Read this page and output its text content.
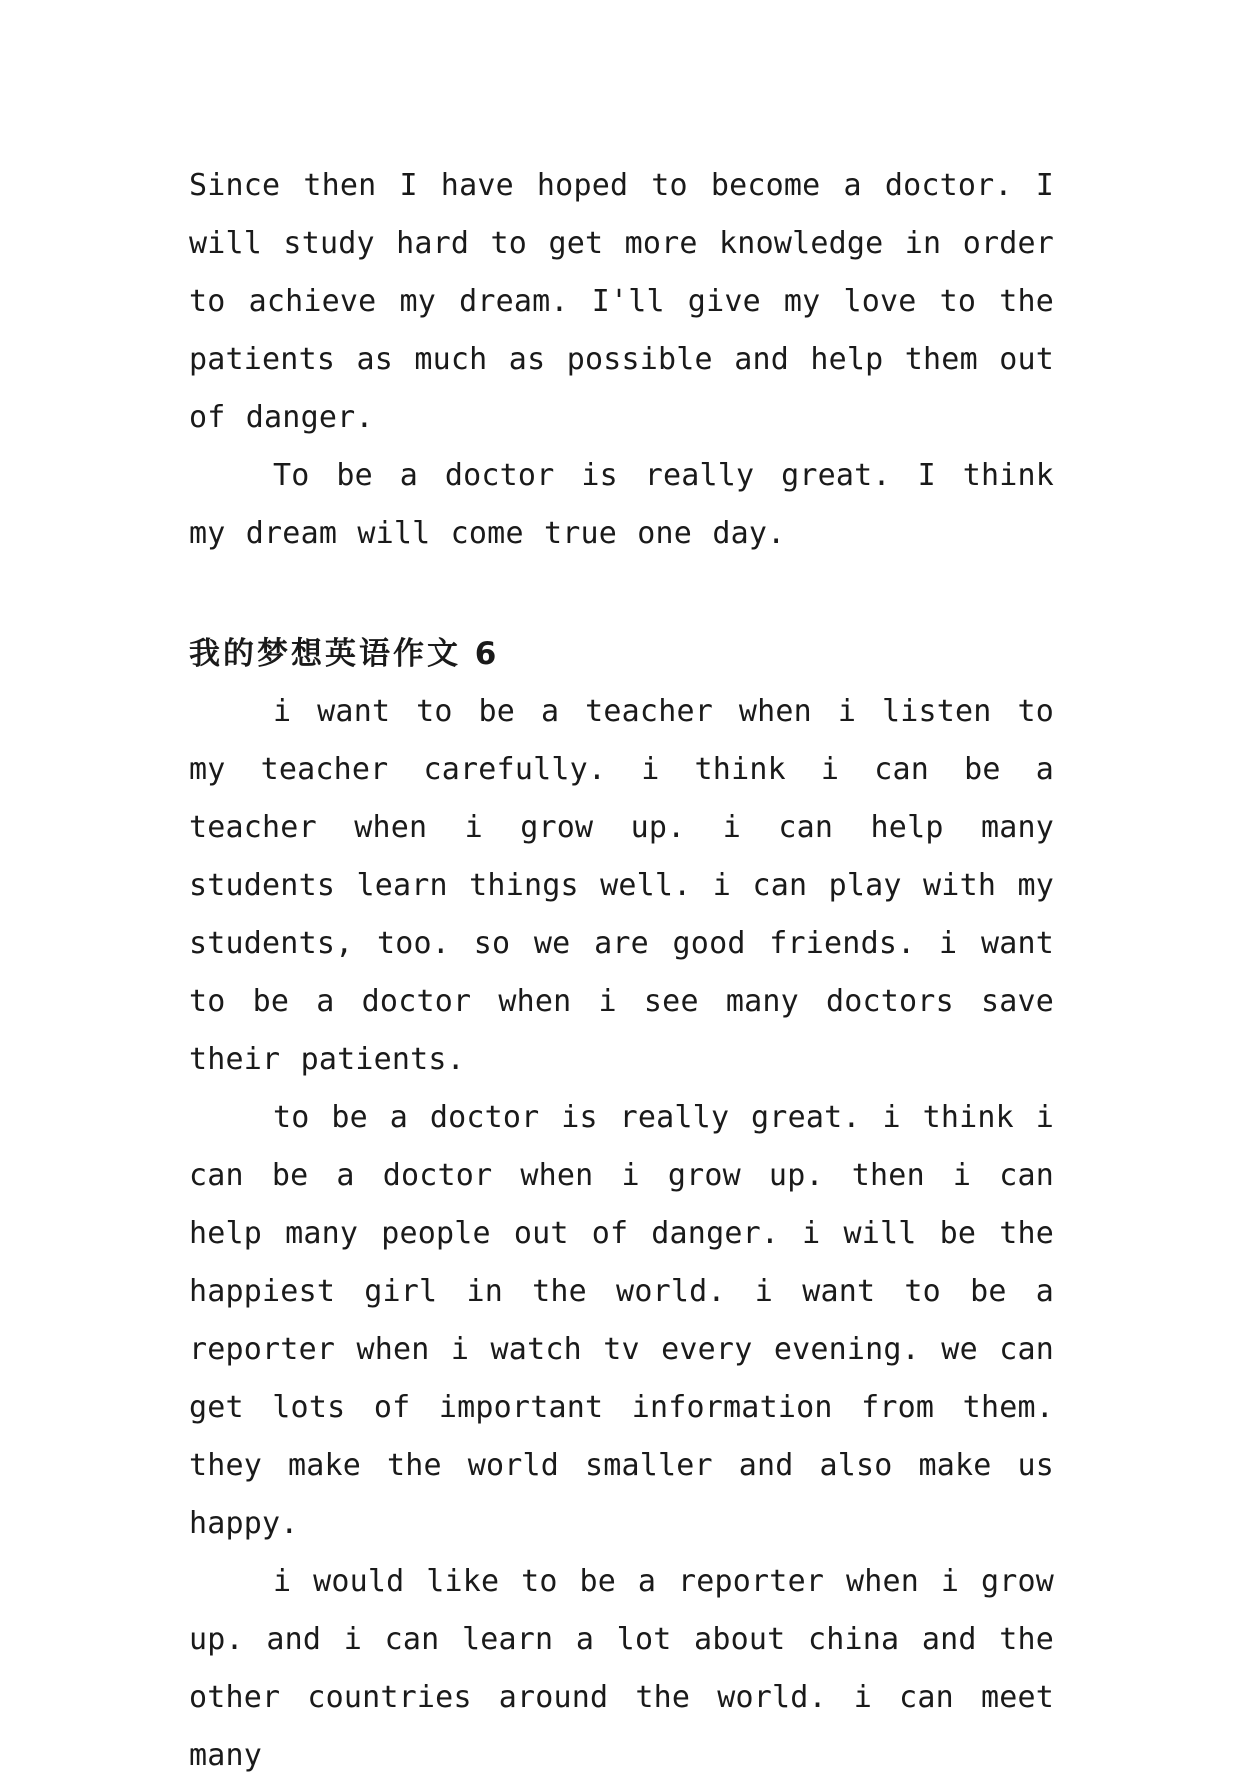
Since then I have hoped to become a doctor. I will study hard to get more knowledge in order to achieve my dream. I'll give my love to the patients as much as possible and help them out of danger.

To be a doctor is really great. I think my dream will come true one day.

我的梦想英语作文 6

i want to be a teacher when i listen to my teacher carefully. i think i can be a teacher when i grow up. i can help many students learn things well. i can play with my students, too. so we are good friends. i want to be a doctor when i see many doctors save their patients.

to be a doctor is really great. i think i can be a doctor when i grow up. then i can help many people out of danger. i will be the happiest girl in the world. i want to be a reporter when i watch tv every evening. we can get lots of important information from them. they make the world smaller and also make us happy.

i would like to be a reporter when i grow up. and i can learn a lot about china and the other countries around the world. i can meet many
